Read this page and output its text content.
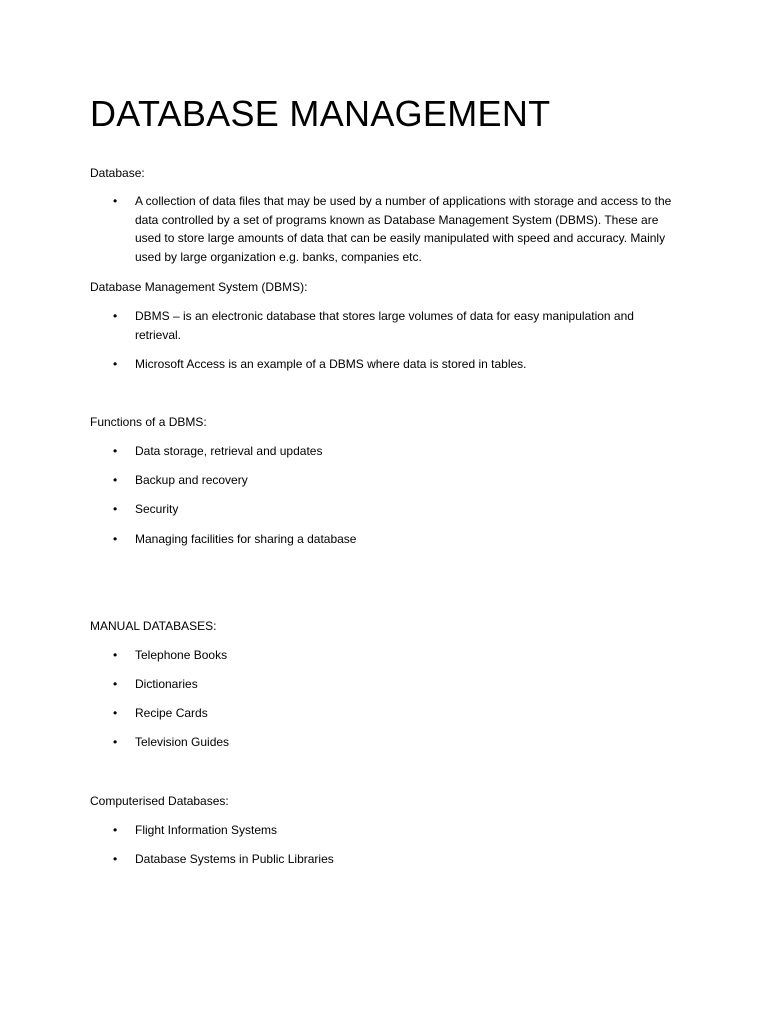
DATABASE MANAGEMENT

Database:

• A collection of data files that may be used by a number of applications with storage and access to the data controlled by a set of programs known as Database Management System (DBMS). These are used to store large amounts of data that can be easily manipulated with speed and accuracy. Mainly used by large organization e.g. banks, companies etc.

Database Management System (DBMS):

• DBMS – is an electronic database that stores large volumes of data for easy manipulation and retrieval.
• Microsoft Access is an example of a DBMS where data is stored in tables.

Functions of a DBMS:

• Data storage, retrieval and updates
• Backup and recovery
• Security
• Managing facilities for sharing a database

MANUAL DATABASES:

• Telephone Books
• Dictionaries
• Recipe Cards
• Television Guides

Computerised Databases:

• Flight Information Systems
• Database Systems in Public Libraries
